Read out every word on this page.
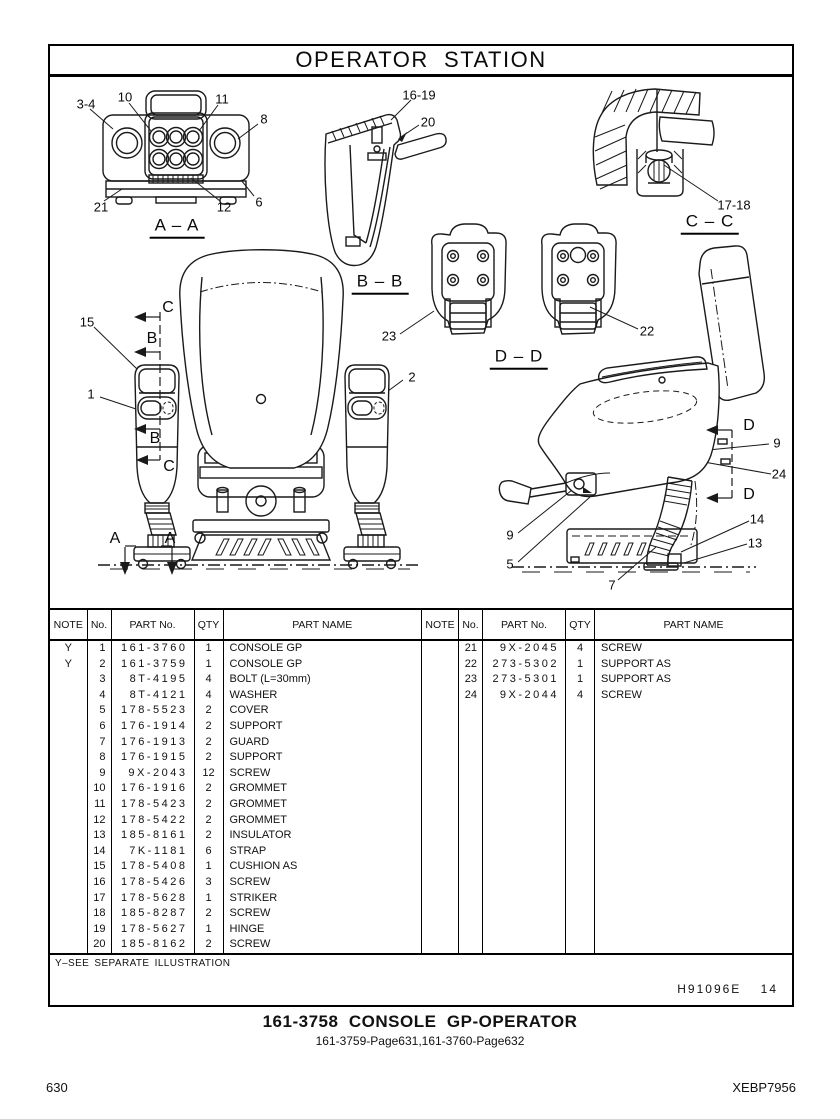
OPERATOR  STATION
A – A
B – B
C – C
D – D
3-4 10	11
8
21	12 6
16-19
20
17-18
23	22
15
1
2
C
B
B
C
A	A
9
24
14
13
9
5
7
D
D
NOTE	No.	PART No.	QTY	PART NAME
Y	1	161-3760	1	CONSOLE GP
Y	2	161-3759	1	CONSOLE GP
	3	8T-4195	4	BOLT (L=30mm)
	4	8T-4121	4	WASHER
	5	178-5523	2	COVER
	6	176-1914	2	SUPPORT
	7	176-1913	2	GUARD
	8	176-1915	2	SUPPORT
	9	9X-2043	12	SCREW
	10	176-1916	2	GROMMET
	11	178-5423	2	GROMMET
	12	178-5422	2	GROMMET
	13	185-8161	2	INSULATOR
	14	7K-1181	6	STRAP
	15	178-5408	1	CUSHION AS
	16	178-5426	3	SCREW
	17	178-5628	1	STRIKER
	18	185-8287	2	SCREW
	19	178-5627	1	HINGE
	20	185-8162	2	SCREW
NOTE	No.	PART No.	QTY	PART NAME
	21	9X-2045	4	SCREW
	22	273-5302	1	SUPPORT AS
	23	273-5301	1	SUPPORT AS
	24	9X-2044	4	SCREW

Y–SEE SEPARATE ILLUSTRATION
H91096E 14
161-3758  CONSOLE  GP-OPERATOR
161-3759-Page631,161-3760-Page632
630	XEBP7956
